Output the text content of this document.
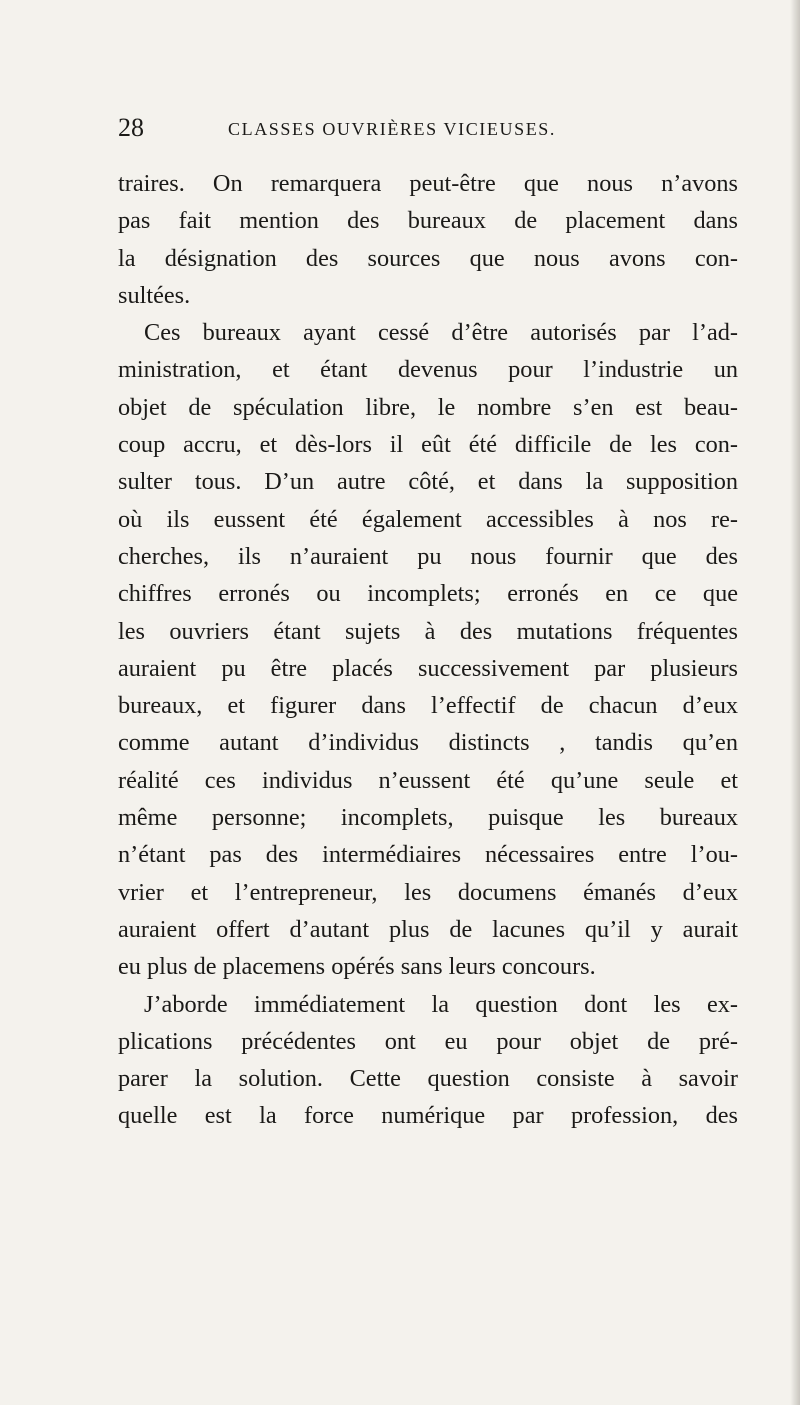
28	CLASSES OUVRIÈRES VICIEUSES.
traires. On remarquera peut-être que nous n’avons
pas fait mention des bureaux de placement dans
la désignation des sources que nous avons con-
sultées.
Ces bureaux ayant cessé d’être autorisés par l’ad-
ministration, et étant devenus pour l’industrie un
objet de spéculation libre, le nombre s’en est beau-
coup accru, et dès-lors il eût été difficile de les con-
sulter tous. D’un autre côté, et dans la supposition
où ils eussent été également accessibles à nos re-
cherches, ils n’auraient pu nous fournir que des
chiffres erronés ou incomplets; erronés en ce que
les ouvriers étant sujets à des mutations fréquentes
auraient pu être placés successivement par plusieurs
bureaux, et figurer dans l’effectif de chacun d’eux
comme autant d’individus distincts , tandis qu’en
réalité ces individus n’eussent été qu’une seule et
même personne; incomplets, puisque les bureaux
n’étant pas des intermédiaires nécessaires entre l’ou-
vrier et l’entrepreneur, les documens émanés d’eux
auraient offert d’autant plus de lacunes qu’il y aurait
eu plus de placemens opérés sans leurs concours.
J’aborde immédiatement la question dont les ex-
plications précédentes ont eu pour objet de pré-
parer la solution. Cette question consiste à savoir
quelle est la force numérique par profession, des
